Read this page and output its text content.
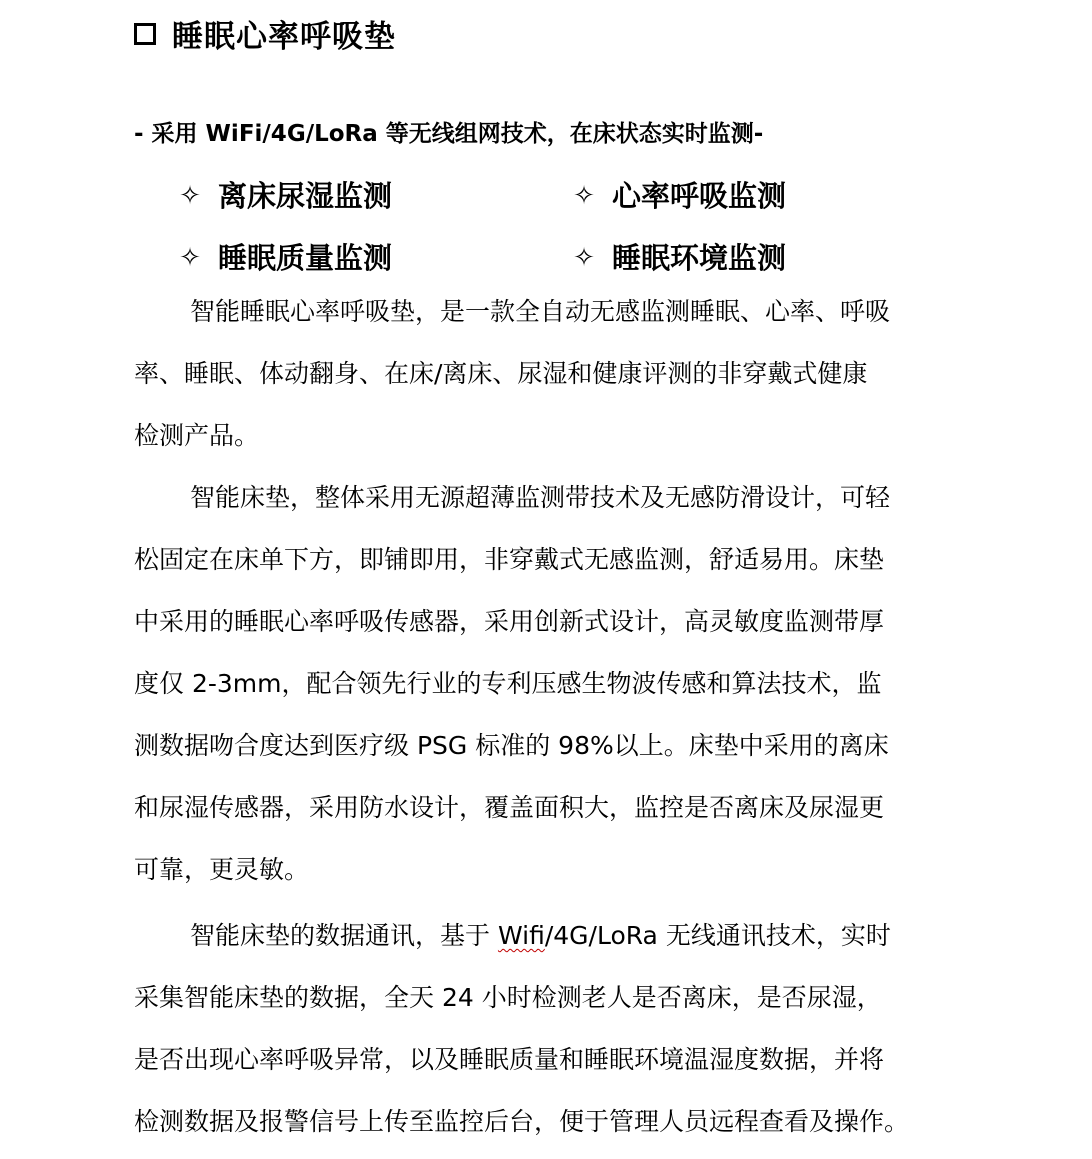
睡眠心率呼吸垫
- 采用 WiFi/4G/LoRa 等无线组网技术，在床状态实时监测-
✧ 离床尿湿监测	✧ 心率呼吸监测
✧ 睡眠质量监测	✧ 睡眠环境监测
智能睡眠心率呼吸垫，是一款全自动无感监测睡眠、心率、呼吸
率、睡眠、体动翻身、在床/离床、尿湿和健康评测的非穿戴式健康
检测产品。
智能床垫，整体采用无源超薄监测带技术及无感防滑设计，可轻
松固定在床单下方，即铺即用，非穿戴式无感监测，舒适易用。床垫
中采用的睡眠心率呼吸传感器，采用创新式设计，高灵敏度监测带厚
度仅 2-3mm，配合领先行业的专利压感生物波传感和算法技术，监
测数据吻合度达到医疗级 PSG 标准的 98%以上。床垫中采用的离床
和尿湿传感器，采用防水设计，覆盖面积大，监控是否离床及尿湿更
可靠，更灵敏。
智能床垫的数据通讯，基于 Wifi/4G/LoRa 无线通讯技术，实时
采集智能床垫的数据，全天 24 小时检测老人是否离床，是否尿湿，
是否出现心率呼吸异常，以及睡眠质量和睡眠环境温湿度数据，并将
检测数据及报警信号上传至监控后台，便于管理人员远程查看及操作。
